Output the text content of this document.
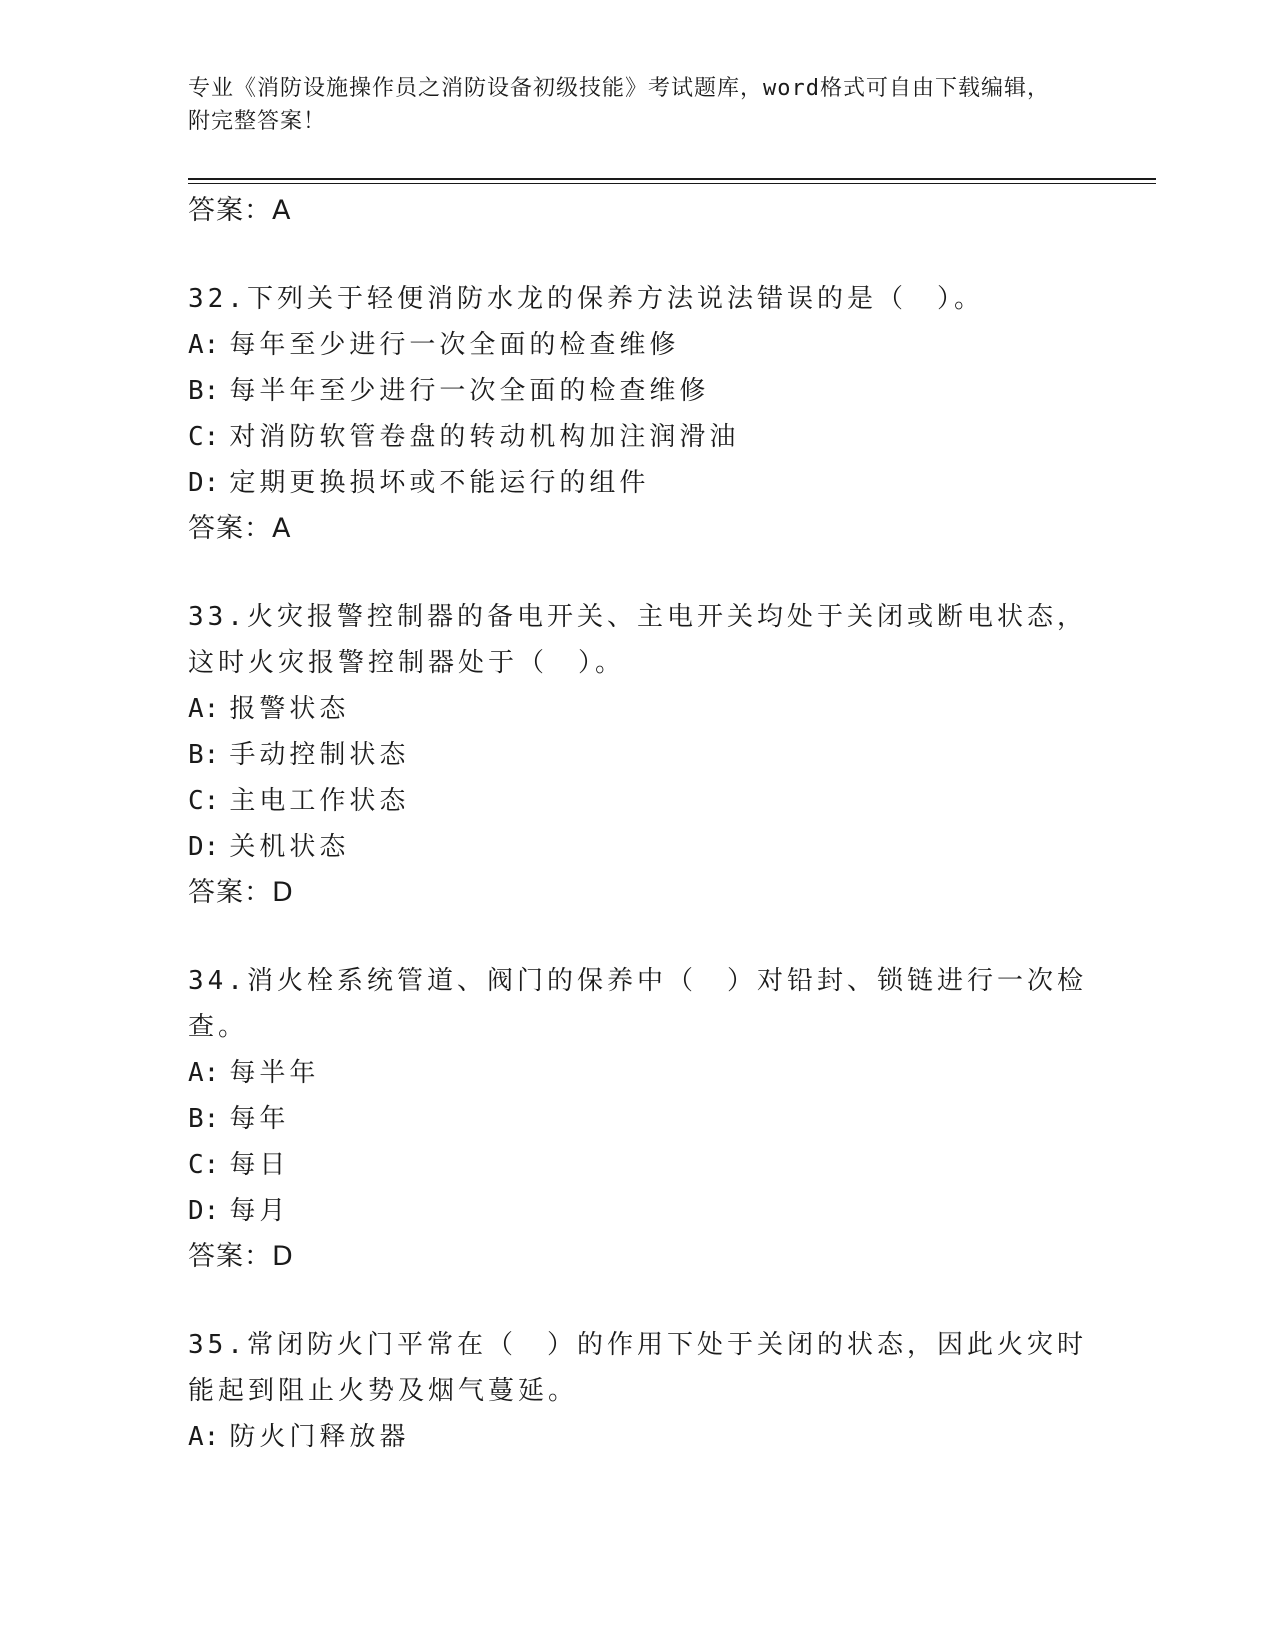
专业《消防设施操作员之消防设备初级技能》考试题库，word格式可自由下载编辑，附完整答案！
答案：A
32.下列关于轻便消防水龙的保养方法说法错误的是（　）。
A: 每年至少进行一次全面的检查维修
B: 每半年至少进行一次全面的检查维修
C: 对消防软管卷盘的转动机构加注润滑油
D: 定期更换损坏或不能运行的组件
答案：A
33.火灾报警控制器的备电开关、主电开关均处于关闭或断电状态，这时火灾报警控制器处于（　）。
A: 报警状态
B: 手动控制状态
C: 主电工作状态
D: 关机状态
答案：D
34.消火栓系统管道、阀门的保养中（　）对铅封、锁链进行一次检查。
A: 每半年
B: 每年
C: 每日
D: 每月
答案：D
35.常闭防火门平常在（　）的作用下处于关闭的状态，因此火灾时能起到阻止火势及烟气蔓延。
A: 防火门释放器
